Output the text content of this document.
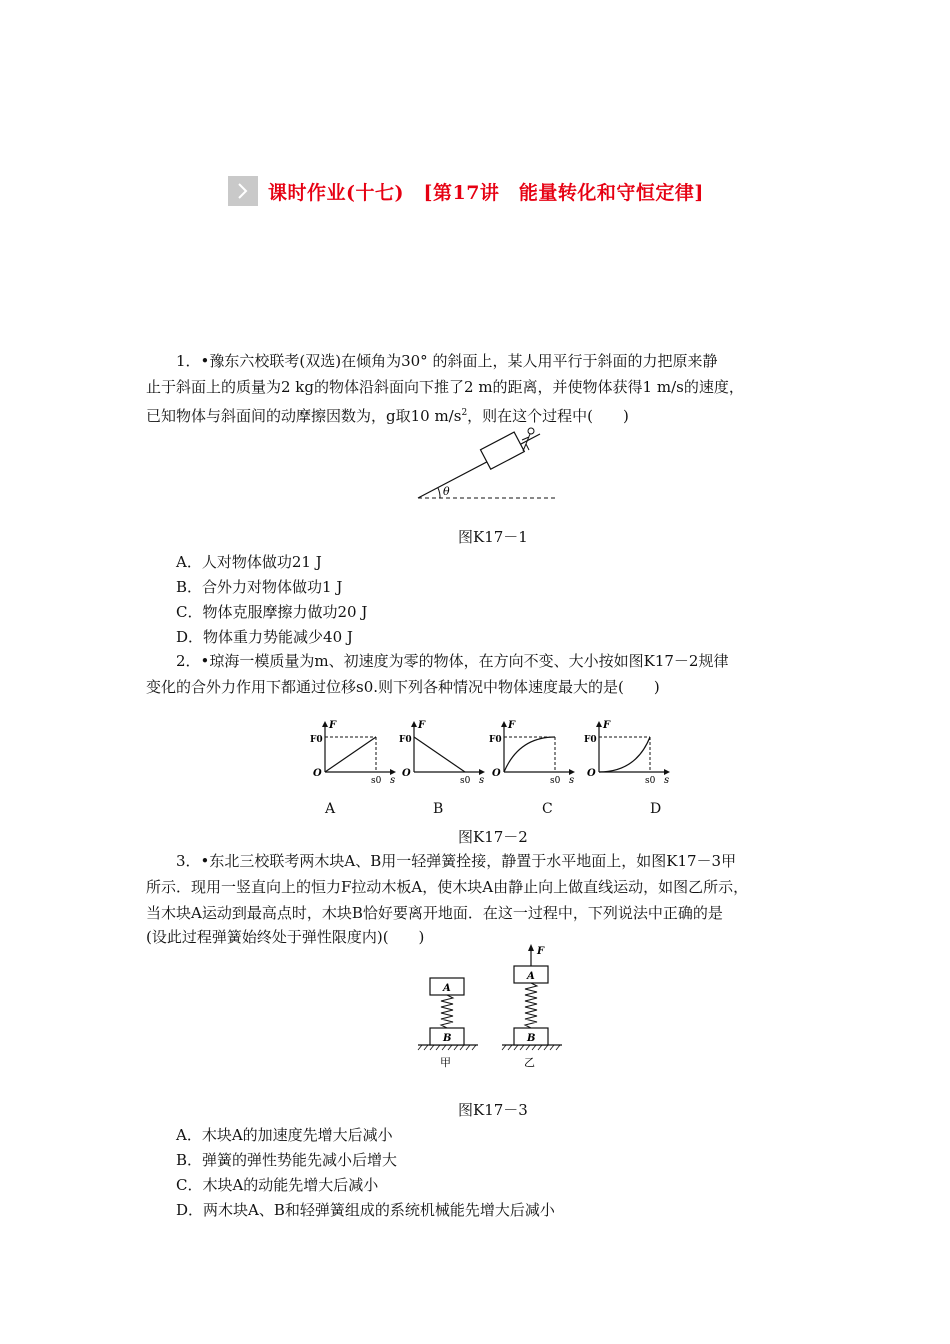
课时作业(十七)　[第17讲　能量转化和守恒定律]
1．•豫东六校联考(双选)在倾角为30° 的斜面上，某人用平行于斜面的力把原来静
止于斜面上的质量为2 kg的物体沿斜面向下推了2 m的距离，并使物体获得1 m/s的速度，
已知物体与斜面间的动摩擦因数为，g取10 $m/s^2$，则在这个过程中(　　)
θ
图K17－1
A．人对物体做功21 J
B．合外力对物体做功1 J
C．物体克服摩擦力做功20 J
D．物体重力势能减少40 J
2．•琼海一模质量为m、初速度为零的物体，在方向不变、大小按如图K17－2规律
变化的合外力作用下都通过位移s0.则下列各种情况中物体速度最大的是(　　)
F
F0
O
s0 s
F
F0
O
s0 s
F
F0
O
s0 s
F
F0
O
s0 s
A	B	C	D
图K17－2
3．•东北三校联考两木块A、B用一轻弹簧拴接，静置于水平地面上，如图K17－3甲
所示．现用一竖直向上的恒力F拉动木板A，使木块A由静止向上做直线运动，如图乙所示，
当木块A运动到最高点时，木块B恰好要离开地面．在这一过程中，下列说法中正确的是
(设此过程弹簧始终处于弹性限度内)(　　)
B
A
甲
B
A
F
乙
图K17－3
A．木块A的加速度先增大后减小
B．弹簧的弹性势能先减小后增大
C．木块A的动能先增大后减小
D．两木块A、B和轻弹簧组成的系统机械能先增大后减小
